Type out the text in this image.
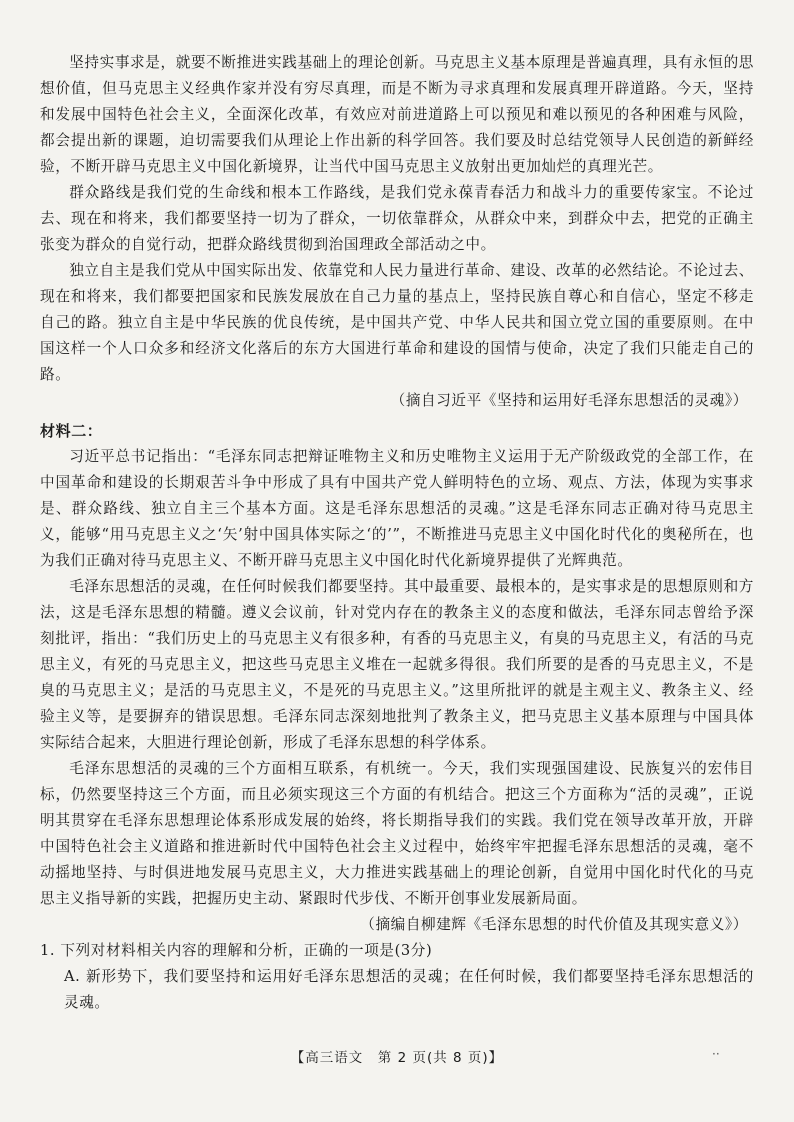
坚持实事求是，就要不断推进实践基础上的理论创新。马克思主义基本原理是普遍真理，具有永恒的思想价值，但马克思主义经典作家并没有穷尽真理，而是不断为寻求真理和发展真理开辟道路。今天，坚持和发展中国特色社会主义，全面深化改革，有效应对前进道路上可以预见和难以预见的各种困难与风险，都会提出新的课题，迫切需要我们从理论上作出新的科学回答。我们要及时总结党领导人民创造的新鲜经验，不断开辟马克思主义中国化新境界，让当代中国马克思主义放射出更加灿烂的真理光芒。

群众路线是我们党的生命线和根本工作路线，是我们党永葆青春活力和战斗力的重要传家宝。不论过去、现在和将来，我们都要坚持一切为了群众，一切依靠群众，从群众中来，到群众中去，把党的正确主张变为群众的自觉行动，把群众路线贯彻到治国理政全部活动之中。

独立自主是我们党从中国实际出发、依靠党和人民力量进行革命、建设、改革的必然结论。不论过去、现在和将来，我们都要把国家和民族发展放在自己力量的基点上，坚持民族自尊心和自信心，坚定不移走自己的路。独立自主是中华民族的优良传统，是中国共产党、中华人民共和国立党立国的重要原则。在中国这样一个人口众多和经济文化落后的东方大国进行革命和建设的国情与使命，决定了我们只能走自己的路。

（摘自习近平《坚持和运用好毛泽东思想活的灵魂》）

材料二：

习近平总书记指出：“毛泽东同志把辩证唯物主义和历史唯物主义运用于无产阶级政党的全部工作，在中国革命和建设的长期艰苦斗争中形成了具有中国共产党人鲜明特色的立场、观点、方法，体现为实事求是、群众路线、独立自主三个基本方面。这是毛泽东思想活的灵魂。”这是毛泽东同志正确对待马克思主义，能够“用马克思主义之‘矢’射中国具体实际之‘的’”，不断推进马克思主义中国化时代化的奥秘所在，也为我们正确对待马克思主义、不断开辟马克思主义中国化时代化新境界提供了光辉典范。

毛泽东思想活的灵魂，在任何时候我们都要坚持。其中最重要、最根本的，是实事求是的思想原则和方法，这是毛泽东思想的精髓。遵义会议前，针对党内存在的教条主义的态度和做法，毛泽东同志曾给予深刻批评，指出：“我们历史上的马克思主义有很多种，有香的马克思主义，有臭的马克思主义，有活的马克思主义，有死的马克思主义，把这些马克思主义堆在一起就多得很。我们所要的是香的马克思主义，不是臭的马克思主义；是活的马克思主义，不是死的马克思主义。”这里所批评的就是主观主义、教条主义、经验主义等，是要摒弃的错误思想。毛泽东同志深刻地批判了教条主义，把马克思主义基本原理与中国具体实际结合起来，大胆进行理论创新，形成了毛泽东思想的科学体系。

毛泽东思想活的灵魂的三个方面相互联系，有机统一。今天，我们实现强国建设、民族复兴的宏伟目标，仍然要坚持这三个方面，而且必须实现这三个方面的有机结合。把这三个方面称为“活的灵魂”，正说明其贯穿在毛泽东思想理论体系形成发展的始终，将长期指导我们的实践。我们党在领导改革开放，开辟中国特色社会主义道路和推进新时代中国特色社会主义过程中，始终牢牢把握毛泽东思想活的灵魂，毫不动摇地坚持、与时俱进地发展马克思主义，大力推进实践基础上的理论创新，自觉用中国化时代化的马克思主义指导新的实践，把握历史主动、紧跟时代步伐、不断开创事业发展新局面。

（摘编自柳建辉《毛泽东思想的时代价值及其现实意义》）

1. 下列对材料相关内容的理解和分析，正确的一项是(3分)

A. 新形势下，我们要坚持和运用好毛泽东思想活的灵魂；在任何时候，我们都要坚持毛泽东思想活的灵魂。

【高三语文　第 2 页(共 8 页)】	··
